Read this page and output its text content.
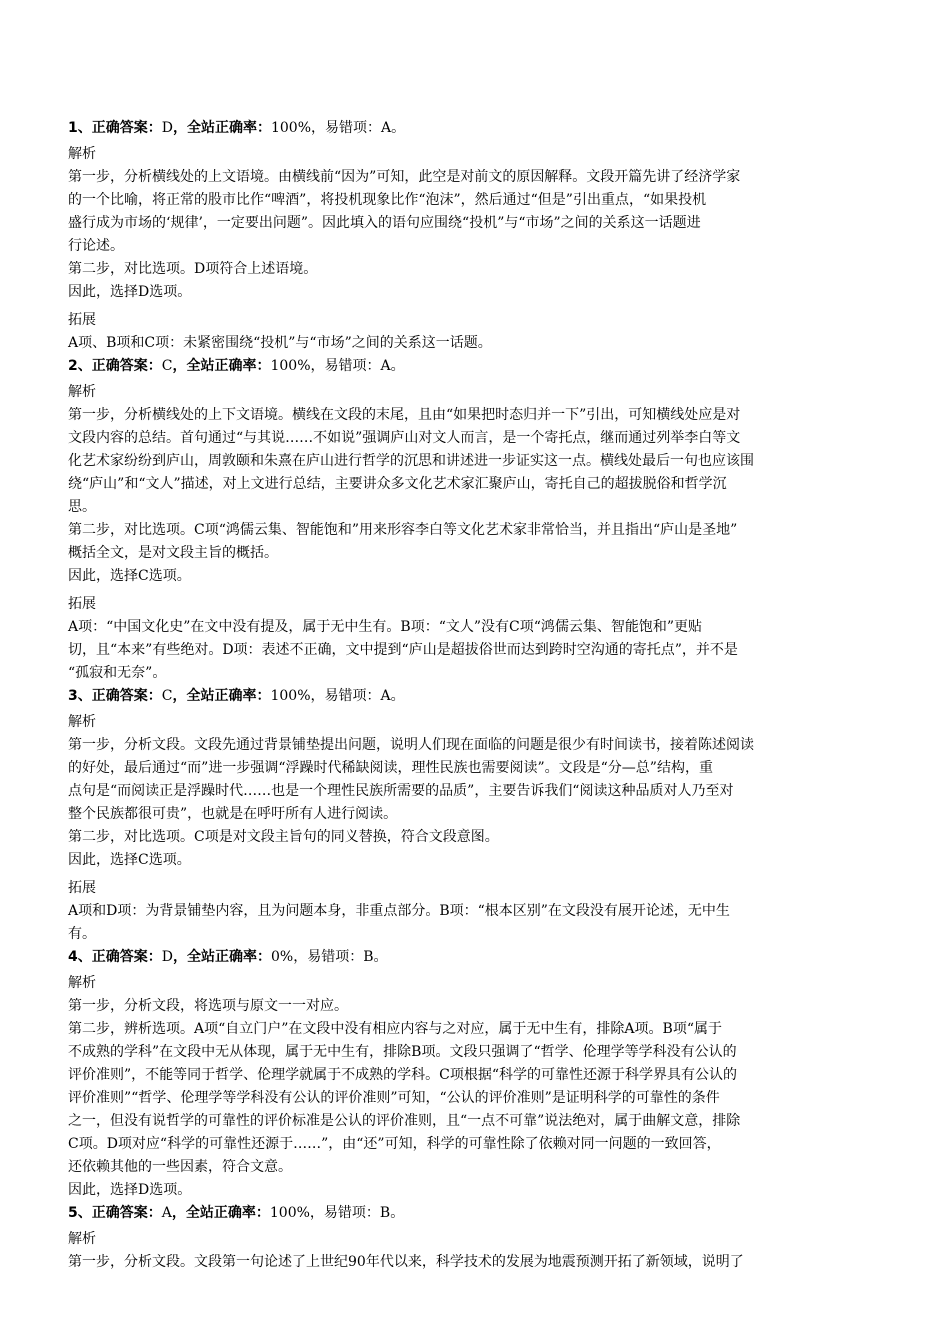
1、正确答案：D，全站正确率：100%，易错项：A。

解析

第一步，分析横线处的上文语境。由横线前“因为”可知，此空是对前文的原因解释。文段开篇先讲了经济学家

的一个比喻，将正常的股市比作“啤酒”，将投机现象比作“泡沫”，然后通过“但是”引出重点，“如果投机

盛行成为市场的‘规律’，一定要出问题”。因此填入的语句应围绕“投机”与“市场”之间的关系这一话题进

行论述。

第二步，对比选项。D项符合上述语境。

因此，选择D选项。

拓展

A项、B项和C项：未紧密围绕“投机”与“市场”之间的关系这一话题。

2、正确答案：C，全站正确率：100%，易错项：A。

解析

第一步，分析横线处的上下文语境。横线在文段的末尾，且由“如果把时态归并一下”引出，可知横线处应是对

文段内容的总结。首句通过“与其说……不如说”强调庐山对文人而言，是一个寄托点，继而通过列举李白等文

化艺术家纷纷到庐山，周敦颐和朱熹在庐山进行哲学的沉思和讲述进一步证实这一点。横线处最后一句也应该围

绕“庐山”和“文人”描述，对上文进行总结，主要讲众多文化艺术家汇聚庐山，寄托自己的超拔脱俗和哲学沉

思。

第二步，对比选项。C项“鸿儒云集、智能饱和”用来形容李白等文化艺术家非常恰当，并且指出“庐山是圣地”

概括全文，是对文段主旨的概括。

因此，选择C选项。

拓展

A项：“中国文化史”在文中没有提及，属于无中生有。B项：“文人”没有C项“鸿儒云集、智能饱和”更贴

切，且“本来”有些绝对。D项：表述不正确，文中提到“庐山是超拔俗世而达到跨时空沟通的寄托点”，并不是

“孤寂和无奈”。

3、正确答案：C，全站正确率：100%，易错项：A。

解析

第一步，分析文段。文段先通过背景铺垫提出问题，说明人们现在面临的问题是很少有时间读书，接着陈述阅读

的好处，最后通过“而”进一步强调“浮躁时代稀缺阅读，理性民族也需要阅读”。文段是“分—总”结构，重

点句是“而阅读正是浮躁时代……也是一个理性民族所需要的品质”，主要告诉我们“阅读这种品质对人乃至对

整个民族都很可贵”，也就是在呼吁所有人进行阅读。

第二步，对比选项。C项是对文段主旨句的同义替换，符合文段意图。

因此，选择C选项。

拓展

A项和D项：为背景铺垫内容，且为问题本身，非重点部分。B项：“根本区别”在文段没有展开论述，无中生

有。

4、正确答案：D，全站正确率：0%，易错项：B。

解析

第一步，分析文段，将选项与原文一一对应。

第二步，辨析选项。A项“自立门户”在文段中没有相应内容与之对应，属于无中生有，排除A项。B项“属于

不成熟的学科”在文段中无从体现，属于无中生有，排除B项。文段只强调了“哲学、伦理学等学科没有公认的

评价准则”，不能等同于哲学、伦理学就属于不成熟的学科。C项根据“科学的可靠性还源于科学界具有公认的

评价准则”“哲学、伦理学等学科没有公认的评价准则”可知，“公认的评价准则”是证明科学的可靠性的条件

之一，但没有说哲学的可靠性的评价标准是公认的评价准则，且“一点不可靠”说法绝对，属于曲解文意，排除

C项。D项对应“科学的可靠性还源于……”，由“还”可知，科学的可靠性除了依赖对同一问题的一致回答，

还依赖其他的一些因素，符合文意。

因此，选择D选项。

5、正确答案：A，全站正确率：100%，易错项：B。

解析

第一步，分析文段。文段第一句论述了上世纪90年代以来，科学技术的发展为地震预测开拓了新领域，说明了
